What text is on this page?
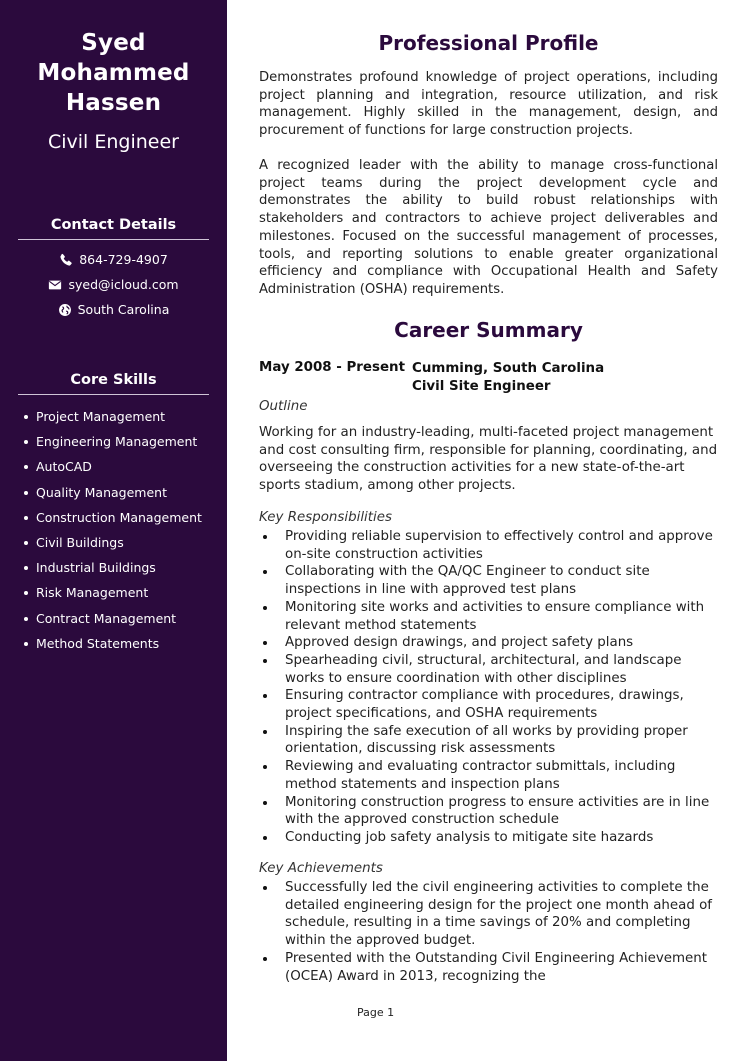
Syed
Mohammed
Hassen
Civil Engineer
Contact Details
864-729-4907
syed@icloud.com
South Carolina
Core Skills
Project Management
Engineering Management
AutoCAD
Quality Management
Construction Management
Civil Buildings
Industrial Buildings
Risk Management
Contract Management
Method Statements
Professional Profile

Demonstrates profound knowledge of project operations, including project planning and integration, resource utilization, and risk management. Highly skilled in the management, design, and procurement of functions for large construction projects.

A recognized leader with the ability to manage cross-functional project teams during the project development cycle and demonstrates the ability to build robust relationships with stakeholders and contractors to achieve project deliverables and milestones. Focused on the successful management of processes, tools, and reporting solutions to enable greater organizational efficiency and compliance with Occupational Health and Safety Administration (OSHA) requirements.

Career Summary
May 2008 - Present Cumming, South Carolina
Civil Site Engineer
Outline

Working for an industry-leading, multi-faceted project management and cost consulting firm, responsible for planning, coordinating, and overseeing the construction activities for a new state-of-the-art sports stadium, among other projects.

Key Responsibilities
Providing reliable supervision to effectively control and approve on-site construction activities
Collaborating with the QA/QC Engineer to conduct site inspections in line with approved test plans
Monitoring site works and activities to ensure compliance with relevant method statements
Approved design drawings, and project safety plans
Spearheading civil, structural, architectural, and landscape works to ensure coordination with other disciplines
Ensuring contractor compliance with procedures, drawings, project specifications, and OSHA requirements
Inspiring the safe execution of all works by providing proper orientation, discussing risk assessments
Reviewing and evaluating contractor submittals, including method statements and inspection plans
Monitoring construction progress to ensure activities are in line with the approved construction schedule
Conducting job safety analysis to mitigate site hazards
Key Achievements
Successfully led the civil engineering activities to complete the detailed engineering design for the project one month ahead of schedule, resulting in a time savings of 20% and completing within the approved budget.
Presented with the Outstanding Civil Engineering Achievement (OCEA) Award in 2013, recognizing the
Page 1
